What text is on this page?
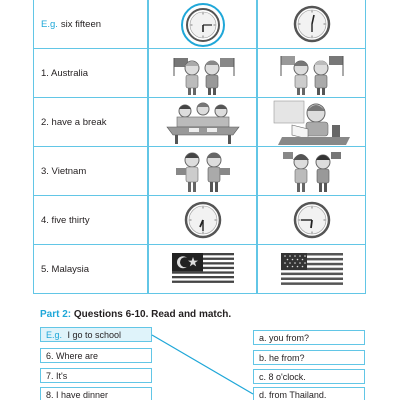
E.g. six fifteen
1. Australia
2. have a break
3. Vietnam
4. five thirty
5. Malaysia
Part 2: Questions 6-10. Read and match.
E.g. I go to school
6. Where are
7. It's
8. I have dinner
a. you from?
b. he from?
c. 8 o'clock.
d. from Thailand.
